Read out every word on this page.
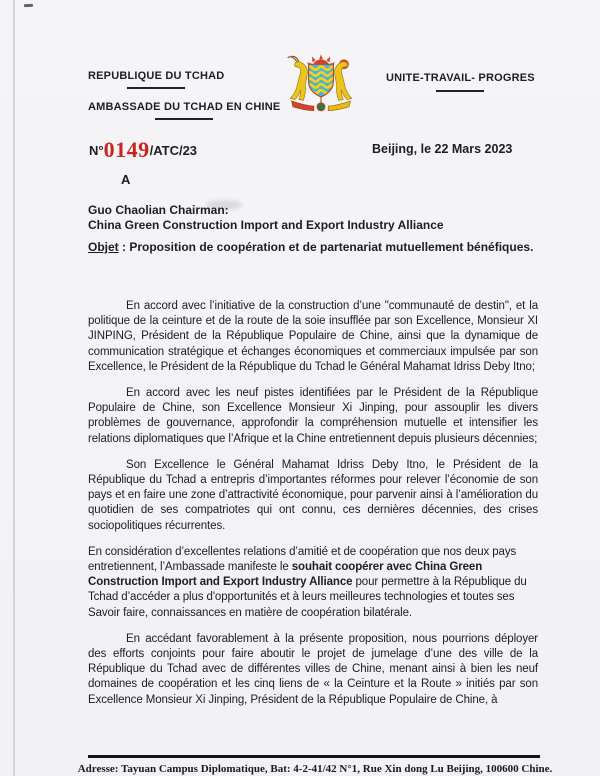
REPUBLIQUE DU TCHAD

AMBASSADE DU TCHAD EN CHINE
UNITE-TRAVAIL- PROGRES
N°0149/ATC/23	Beijing, le 22 Mars 2023
A

Guo Chaolian Chairman:

China Green Construction Import and Export Industry Alliance

Objet : Proposition de coopération et de partenariat mutuellement bénéfiques.

En accord avec l’initiative de la construction d’une "communauté de destin", et la politique de la ceinture et de la route de la soie insufflée par son Excellence, Monsieur XI JINPING, Président de la République Populaire de Chine, ainsi que la dynamique de communication stratégique et échanges économiques et commerciaux impulsée par son Excellence, le Président de la République du Tchad le Général Mahamat Idriss Deby Itno;

En accord avec les neuf pistes identifiées par le Président de la République Populaire de Chine, son Excellence Monsieur Xi Jinping, pour assouplir les divers problèmes de gouvernance, approfondir la compréhension mutuelle et intensifier les relations diplomatiques que l’Afrique et la Chine entretiennent depuis plusieurs décennies;

Son Excellence le Général Mahamat Idriss Deby Itno, le Président de la République du Tchad a entrepris d’importantes réformes pour relever l’économie de son pays et en faire une zone d’attractivité économique, pour parvenir ainsi à l’amélioration du quotidien de ses compatriotes qui ont connu, ces dernières décennies, des crises sociopolitiques récurrentes.

En considération d’excellentes relations d’amitié et de coopération que nos deux pays entretiennent, l’Ambassade manifeste le souhait coopérer avec China Green Construction Import and Export Industry Alliance pour permettre à la République du Tchad d’accéder a plus d'opportunités et à leurs meilleures technologies et toutes ses Savoir faire, connaissances en matière de coopération bilatérale.

En accédant favorablement à la présente proposition, nous pourrions déployer des efforts conjoints pour faire aboutir le projet de jumelage d’une des ville de la République du Tchad avec de différentes villes de Chine, menant ainsi à bien les neuf domaines de coopération et les cinq liens de « la Ceinture et la Route » initiés par son Excellence Monsieur Xi Jinping, Président de la République Populaire de Chine, à

Adresse: Tayuan Campus Diplomatique, Bat: 4-2-41/42 N°1, Rue Xin dong Lu Beijing, 100600 Chine.
